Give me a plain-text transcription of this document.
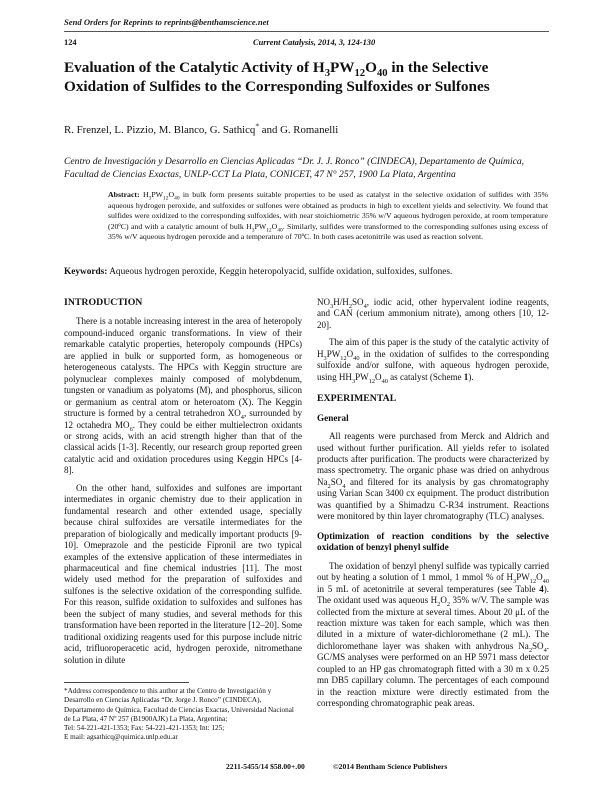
Send Orders for Reprints to reprints@benthamscience.net
124	Current Catalysis, 2014, 3, 124-130
Evaluation of the Catalytic Activity of $H_3PW_{12}O_{40}$ in the Selective Oxidation of Sulfides to the Corresponding Sulfoxides or Sulfones
R. Frenzel, L. Pizzio, M. Blanco, G. Sathicq* and G. Romanelli
Centro de Investigación y Desarrollo en Ciencias Aplicadas “Dr. J. J. Ronco” (CINDECA), Departamento de Química, Facultad de Ciencias Exactas, UNLP-CCT La Plata, CONICET, 47 N° 257, 1900 La Plata, Argentina
Abstract: $H_3PW_{12}O_{40}$ in bulk form presents suitable properties to be used as catalyst in the selective oxidation of sulfides with 35% aqueous hydrogen peroxide, and sulfoxides or sulfones were obtained as products in high to excellent yields and selectivity. We found that sulfides were oxidized to the corresponding sulfoxides, with near stoichiometric 35% w/V aqueous hydrogen peroxide, at room temperature (20ºC) and with a catalytic amount of bulk $H_3PW_{12}O_{40}$. Similarly, sulfides were transformed to the corresponding sulfones using excess of 35% w/V aqueous hydrogen peroxide and a temperature of 70ºC. In both cases acetonitrile was used as reaction solvent.
Keywords: Aqueous hydrogen peroxide, Keggin heteropolyacid, sulfide oxidation, sulfoxides, sulfones.
INTRODUCTION

There is a notable increasing interest in the area of heteropoly compound-induced organic transformations. In view of their remarkable catalytic properties, heteropoly compounds (HPCs) are applied in bulk or supported form, as homogeneous or heterogeneous catalysts. The HPCs with Keggin structure are polynuclear complexes mainly composed of molybdenum, tungsten or vanadium as polyatoms (M), and phosphorus, silicon or germanium as central atom or heteroatom (X). The Keggin structure is formed by a central tetrahedron $XO_4$, surrounded by 12 octahedra $MO_6$. They could be either multielectron oxidants or strong acids, with an acid strength higher than that of the classical acids [1-3]. Recently, our research group reported green catalytic acid and oxidation procedures using Keggin HPCs [4-8].

On the other hand, sulfoxides and sulfones are important intermediates in organic chemistry due to their application in fundamental research and other extended usage, specially because chiral sulfoxides are versatile intermediates for the preparation of biologically and medically important products [9-10]. Omeprazole and the pesticide Fipronil are two typical examples of the extensive application of these intermediates in pharmaceutical and fine chemical industries [11]. The most widely used method for the preparation of sulfoxides and sulfones is the selective oxidation of the corresponding sulfide. For this reason, sulfide oxidation to sulfoxides and sulfones has been the subject of many studies, and several methods for this transformation have been reported in the literature [12–20]. Some traditional oxidizing reagents used for this purpose include nitric acid, trifluoroperacetic acid, hydrogen peroxide, nitromethane solution in dilute

*Address correspondence to this author at the Centro de Investigación y Desarrollo en Ciencias Aplicadas “Dr. Jorge J. Ronco” (CINDECA), Departamento de Química, Facultad de Ciencias Exactas, Universidad Nacional de La Plata, 47 Nº 257 (B1900AJK) La Plata, Argentina;
Tel: 54-221-421-1353; Fax: 54-221-421-1353; Int: 125;
E mail: agsathicq@quimica.unlp.edu.ar

$NO_3H/H_2SO_4$, iodic acid, other hypervalent iodine reagents, and CAN (cerium ammonium nitrate), among others [10, 12-20].

The aim of this paper is the study of the catalytic activity of $H_3PW_{12}O_{40}$ in the oxidation of sulfides to the corresponding sulfoxide and/or sulfone, with aqueous hydrogen peroxide, using $HH_3PW_{12}O_{40}$ as catalyst (Scheme 1).

EXPERIMENTAL
General

All reagents were purchased from Merck and Aldrich and used without further purification. All yields refer to isolated products after purification. The products were characterized by mass spectrometry. The organic phase was dried on anhydrous $Na_2SO_4$ and filtered for its analysis by gas chromatography using Varian Scan 3400 cx equipment. The product distribution was quantified by a Shimadzu C-R34 instrument. Reactions were monitored by thin layer chromatography (TLC) analyses.

Optimization of reaction conditions by the selective oxidation of benzyl phenyl sulfide

The oxidation of benzyl phenyl sulfide was typically carried out by heating a solution of 1 mmol, 1 mmol % of $H_3PW_{12}O_{40}$ in 5 mL of acetonitrile at several temperatures (see Table 4). The oxidant used was aqueous $H_2O_2$ 35% w/V. The sample was collected from the mixture at several times. About 20 μL of the reaction mixture was taken for each sample, which was then diluted in a mixture of water-dichloromethane (2 mL). The dichloromethane layer was shaken with anhydrous $Na_2SO_4$. GC/MS analyses were performed on an HP 5971 mass detector coupled to an HP gas chromatograph fitted with a 30 m x 0.25 mn DB5 capillary column. The percentages of each compound in the reaction mixture were directly estimated from the corresponding chromatographic peak areas.

2211-5455/14 $58.00+.00	©2014 Bentham Science Publishers
